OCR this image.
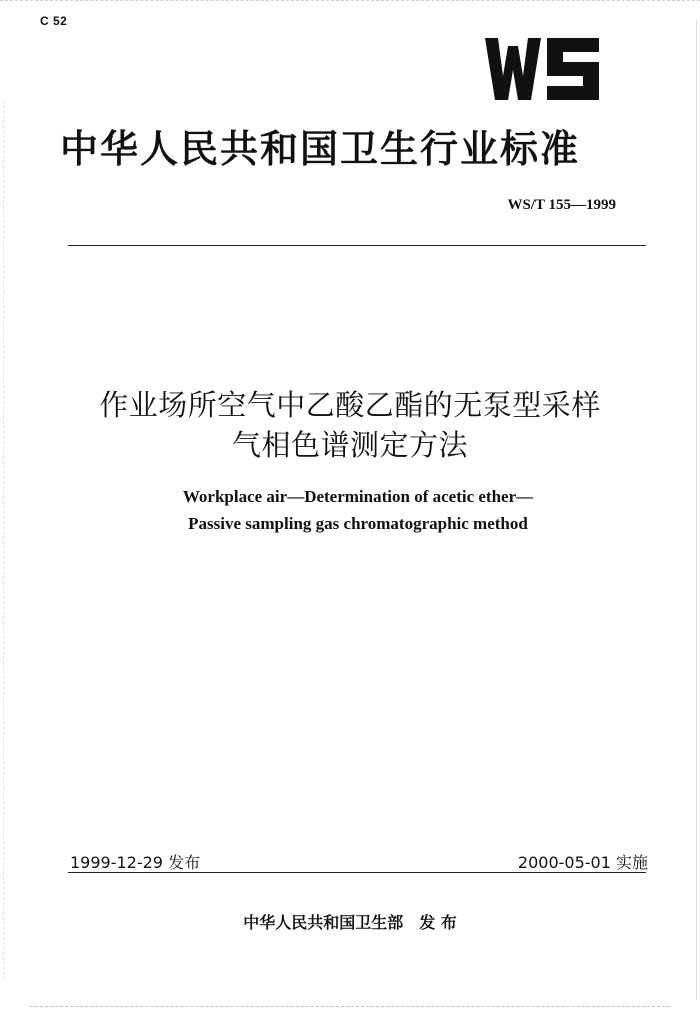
C 52
中华人民共和国卫生行业标准
WS/T 155—1999
作业场所空气中乙酸乙酯的无泵型采样
气相色谱测定方法
Workplace air—Determination of acetic ether—
Passive sampling gas chromatographic method
1999-12-29 发布	2000-05-01 实施
中华人民共和国卫生部　发 布
